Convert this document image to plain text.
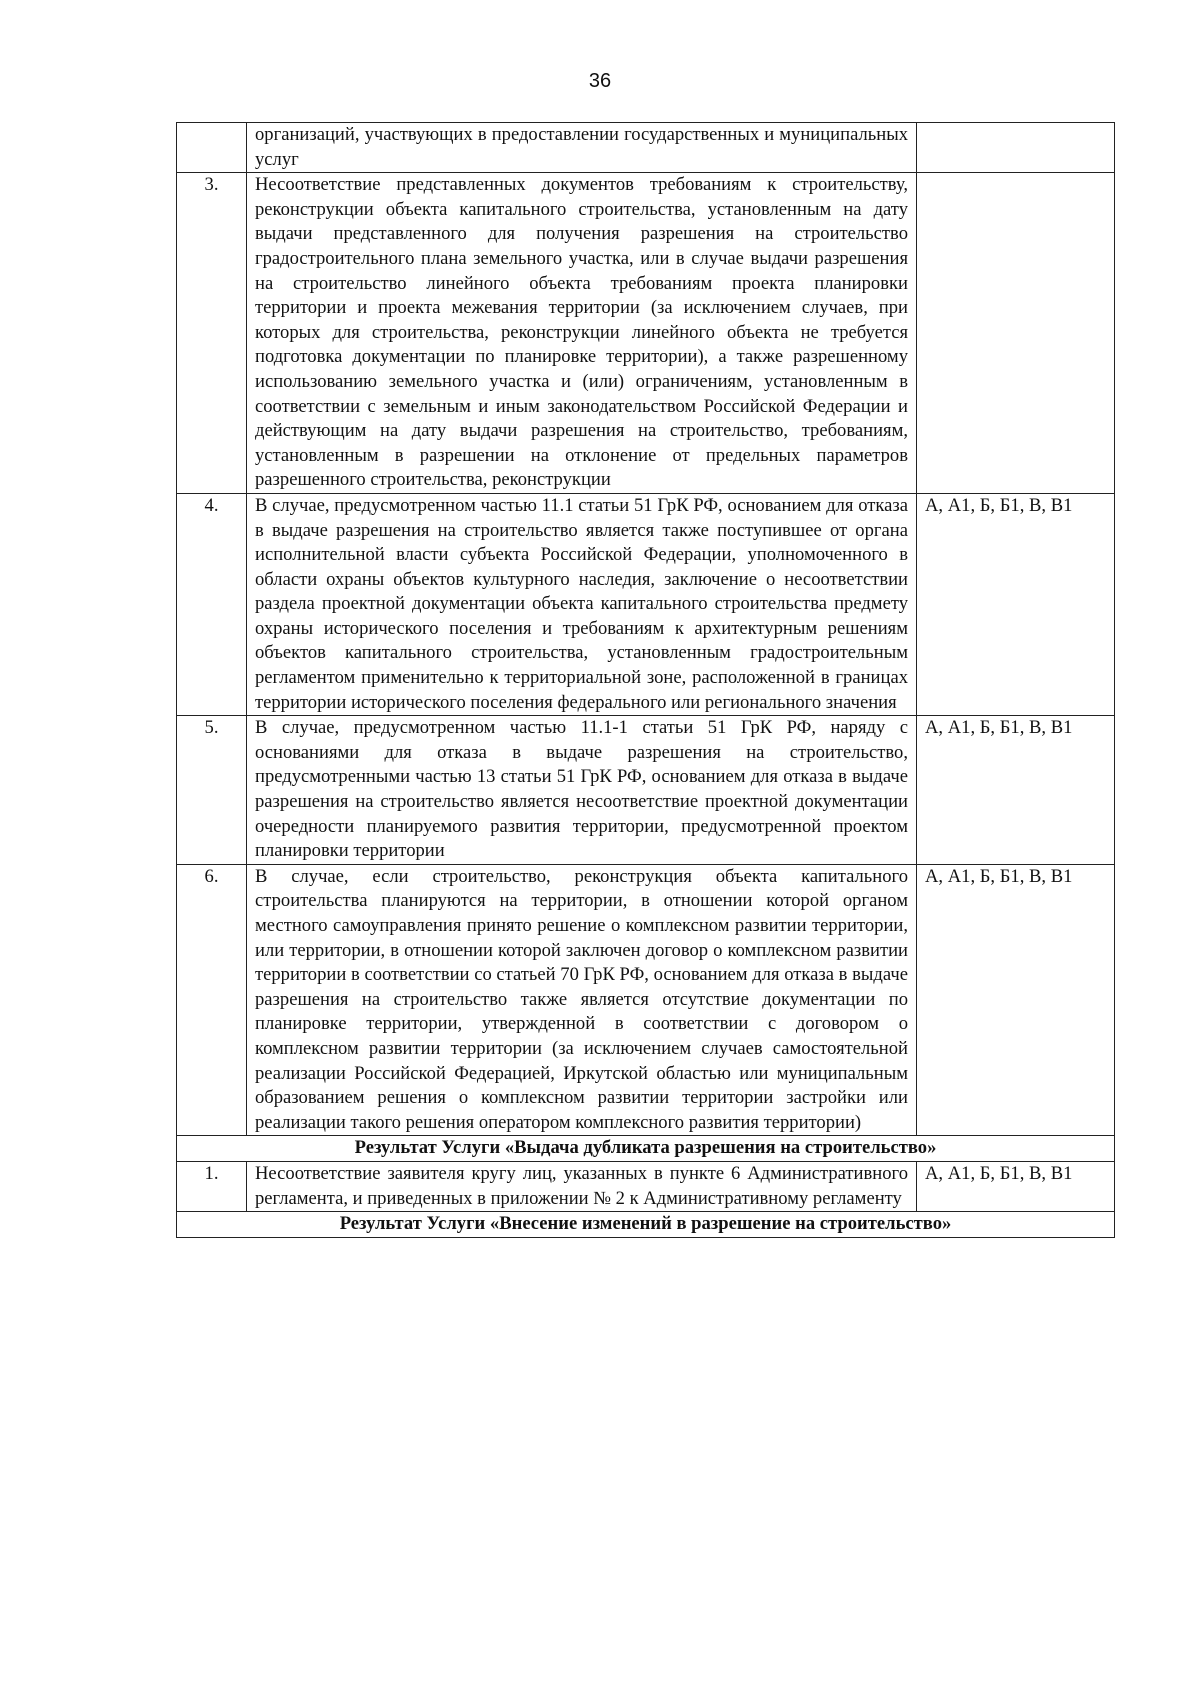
36
	организаций, участвующих в предоставлении государственных и муниципальных услуг	
3.	Несоответствие представленных документов требованиям к строительству, реконструкции объекта капитального строительства, установленным на дату выдачи представленного для получения разрешения на строительство градостроительного плана земельного участка, или в случае выдачи разрешения на строительство линейного объекта требованиям проекта планировки территории и проекта межевания территории (за исключением случаев, при которых для строительства, реконструкции линейного объекта не требуется подготовка документации по планировке территории), а также разрешенному использованию земельного участка и (или) ограничениям, установленным в соответствии с земельным и иным законодательством Российской Федерации и действующим на дату выдачи разрешения на строительство, требованиям, установленным в разрешении на отклонение от предельных параметров разрешенного строительства, реконструкции	
4.	В случае, предусмотренном частью 11.1 статьи 51 ГрК РФ, основанием для отказа в выдаче разрешения на строительство является также поступившее от органа исполнительной власти субъекта Российской Федерации, уполномоченного в области охраны объектов культурного наследия, заключение о несоответствии раздела проектной документации объекта капитального строительства предмету охраны исторического поселения и требованиям к архитектурным решениям объектов капитального строительства, установленным градостроительным регламентом применительно к территориальной зоне, расположенной в границах территории исторического поселения федерального или регионального значения	А, А1, Б, Б1, В, В1
5.	В случае, предусмотренном частью 11.1-1 статьи 51 ГрК РФ, наряду с основаниями для отказа в выдаче разрешения на строительство, предусмотренными частью 13 статьи 51 ГрК РФ, основанием для отказа в выдаче разрешения на строительство является несоответствие проектной документации очередности планируемого развития территории, предусмотренной проектом планировки территории	А, А1, Б, Б1, В, В1
6.	В случае, если строительство, реконструкция объекта капитального строительства планируются на территории, в отношении которой органом местного самоуправления принято решение о комплексном развитии территории, или территории, в отношении которой заключен договор о комплексном развитии территории в соответствии со статьей 70 ГрК РФ, основанием для отказа в выдаче разрешения на строительство также является отсутствие документации по планировке территории, утвержденной в соответствии с договором о комплексном развитии территории (за исключением случаев самостоятельной реализации Российской Федерацией, Иркутской областью или муниципальным образованием решения о комплексном развитии территории застройки или реализации такого решения оператором комплексного развития территории)	А, А1, Б, Б1, В, В1
Результат Услуги «Выдача дубликата разрешения на строительство»		
1.	Несоответствие заявителя кругу лиц, указанных в пункте 6 Административного регламента, и приведенных в приложении № 2 к Административному регламенту	А, А1, Б, Б1, В, В1
Результат Услуги «Внесение изменений в разрешение на строительство»		
